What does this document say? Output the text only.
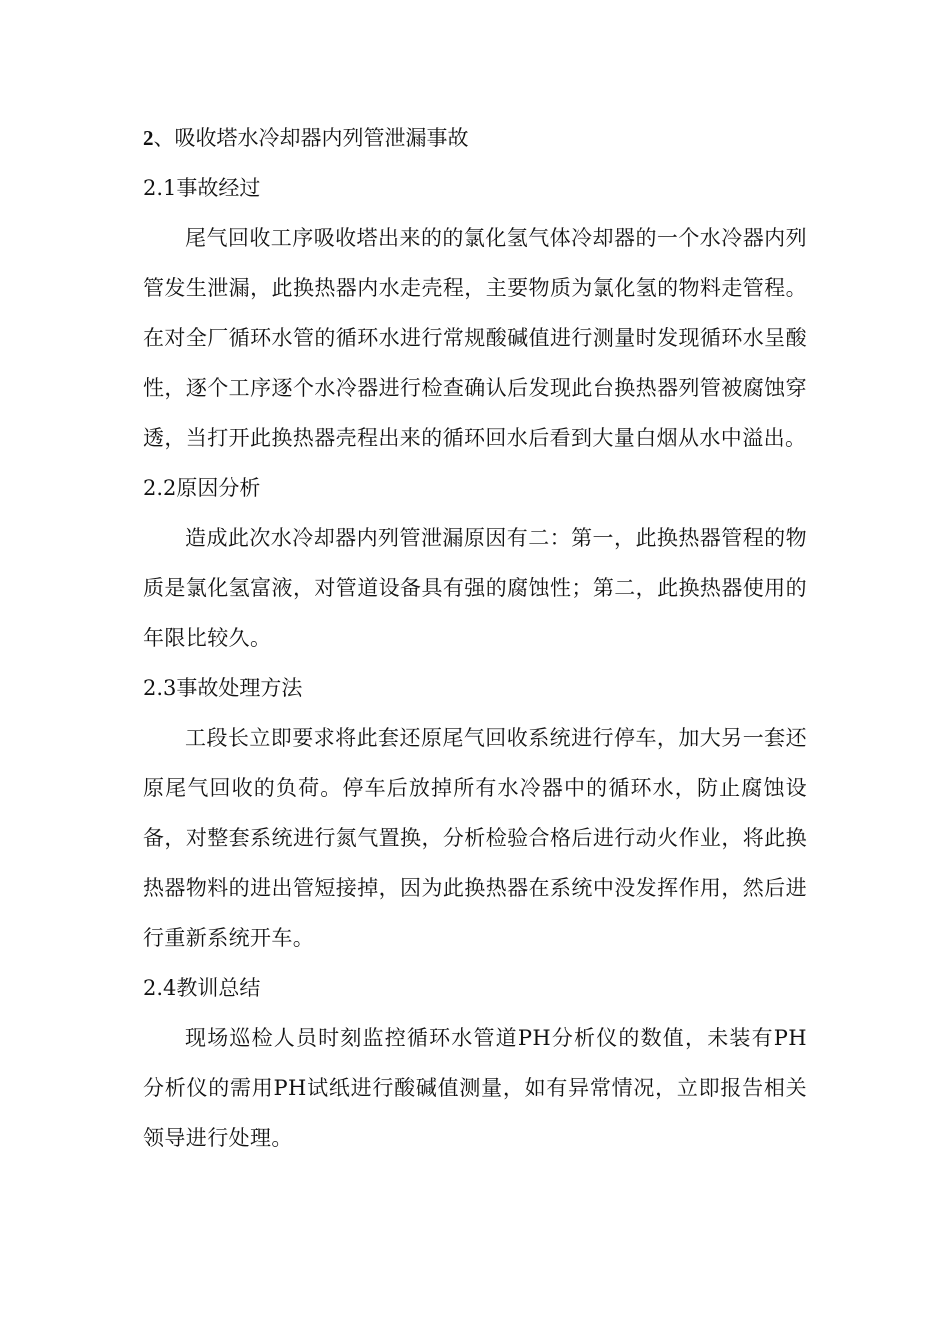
2、吸收塔水冷却器内列管泄漏事故

2.1事故经过

尾气回收工序吸收塔出来的的氯化氢气体冷却器的一个水冷器内列管发生泄漏，此换热器内水走壳程，主要物质为氯化氢的物料走管程。在对全厂循环水管的循环水进行常规酸碱值进行测量时发现循环水呈酸性，逐个工序逐个水冷器进行检查确认后发现此台换热器列管被腐蚀穿透，当打开此换热器壳程出来的循环回水后看到大量白烟从水中溢出。

2.2原因分析

造成此次水冷却器内列管泄漏原因有二：第一，此换热器管程的物质是氯化氢富液，对管道设备具有强的腐蚀性；第二，此换热器使用的年限比较久。

2.3事故处理方法

工段长立即要求将此套还原尾气回收系统进行停车，加大另一套还原尾气回收的负荷。停车后放掉所有水冷器中的循环水，防止腐蚀设备，对整套系统进行氮气置换，分析检验合格后进行动火作业，将此换热器物料的进出管短接掉，因为此换热器在系统中没发挥作用，然后进行重新系统开车。

2.4教训总结

现场巡检人员时刻监控循环水管道PH分析仪的数值，未装有PH分析仪的需用PH试纸进行酸碱值测量，如有异常情况，立即报告相关领导进行处理。
